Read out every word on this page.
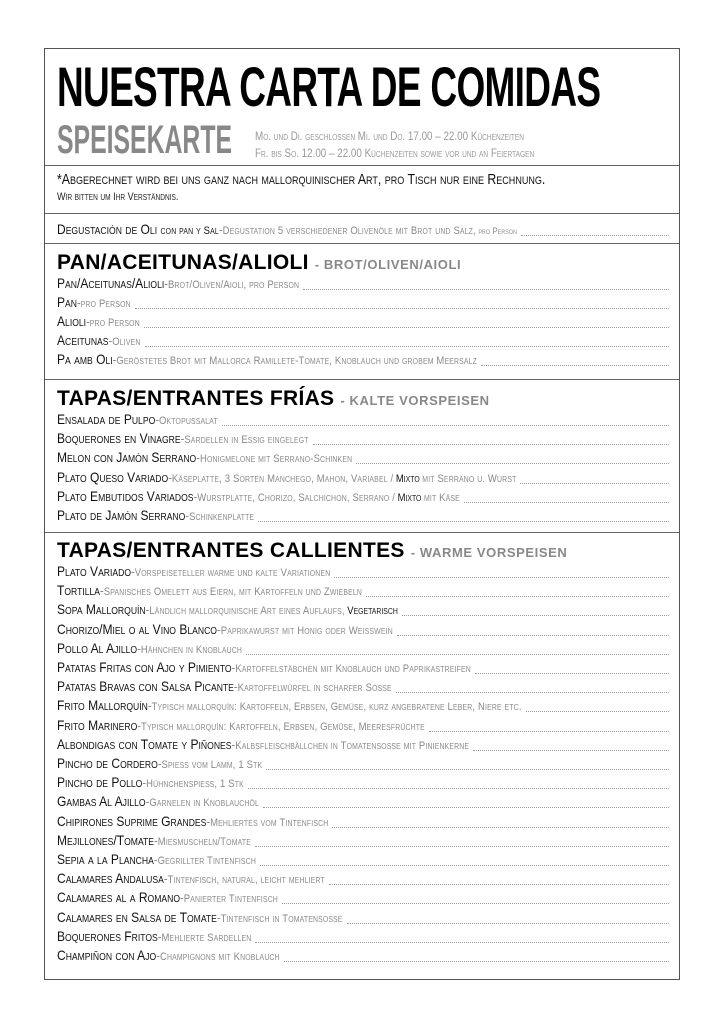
NUESTRA CARTA DE COMIDAS
SPEISEKARTE Mo. und Di. geschlossen Mi. und Do. 17.00 – 22.00 Küchenzeiten
Fr. bis So. 12.00 – 22.00 Küchenzeiten sowie vor und an Feiertagen
*Abgerechnet wird bei uns ganz nach mallorquinischer Art, pro Tisch nur eine Rechnung.
Wir bitten um Ihr Verständnis.
Degustación de Oli con pan y Sal - Degustation 5 verschiedener Olivenöle mit Brot und Salz, pro Person
PAN/ACEITUNAS/ALIOLI - BROT/OLIVEN/AIOLI
Pan/Aceitunas/Alioli - Brot/Oliven/Aioli, pro Person
Pan - pro Person
Alioli - pro Person
Aceitunas - Oliven
Pa amb Oli - Geröstetes Brot mit Mallorca Ramillete-Tomate, Knoblauch und grobem Meersalz
TAPAS/ENTRANTES FRÍAS - KALTE VORSPEISEN
Ensalada de Pulpo - Oktopussalat
Boquerones en Vinagre - Sardellen in Essig eingelegt
Melon con Jamón Serrano - Honigmelone mit Serrano-Schinken
Plato Queso Variado - Käseplatte, 3 Sorten Manchego, Mahon, Variabel / Mixto mit Serrano u. Wurst
Plato Embutidos Variados - Wurstplatte, Chorizo, Salchichon, Serrano / Mixto mit Käse
Plato de Jamón Serrano - Schinkenplatte
TAPAS/ENTRANTES CALLIENTES - WARME VORSPEISEN
Plato Variado - Vorspeiseteller warme und kalte Variationen
Tortilla - Spanisches Omelett aus Eiern, mit Kartoffeln und Zwiebeln
Sopa Mallorquín - Ländlich mallorquinische Art eines Auflaufs, Vegetarisch
Chorizo/Miel o al Vino Blanco - Paprikawurst mit Honig oder Weisswein
Pollo Al Ajillo - Hähnchen in Knoblauch
Patatas Fritas con Ajo y Pimiento - Kartoffelstäbchen mit Knoblauch und Paprikastreifen
Patatas Bravas con Salsa Picante - Kartoffelwürfel in scharfer Soße
Frito Mallorquín - Typisch mallorquín: Kartoffeln, Erbsen, Gemüse, kurz angebratene Leber, Niere etc.
Frito Marinero - Typisch mallorquín: Kartoffeln, Erbsen, Gemüse, Meeresfrüchte
Albondigas con Tomate y Piñones - Kalbsfleischbällchen in Tomatensoße mit Pinienkerne
Pincho de Cordero - Spieß vom Lamm, 1 Stk
Pincho de Pollo - Hühnchenspieß, 1 Stk
Gambas Al Ajillo - Garnelen in Knoblauchöl
Chipirones Suprime Grandes - Mehliertes vom Tintenfisch
Mejillones/Tomate - Miesmuscheln/Tomate
Sepia a la Plancha - Gegrillter Tintenfisch
Calamares Andalusa - Tintenfisch, natural, leicht mehliert
Calamares al a Romano - Panierter Tintenfisch
Calamares en Salsa de Tomate - Tintenfisch in Tomatensoße
Boquerones Fritos - Mehlierte Sardellen
Champiñon con Ajo - Champignons mit Knoblauch
